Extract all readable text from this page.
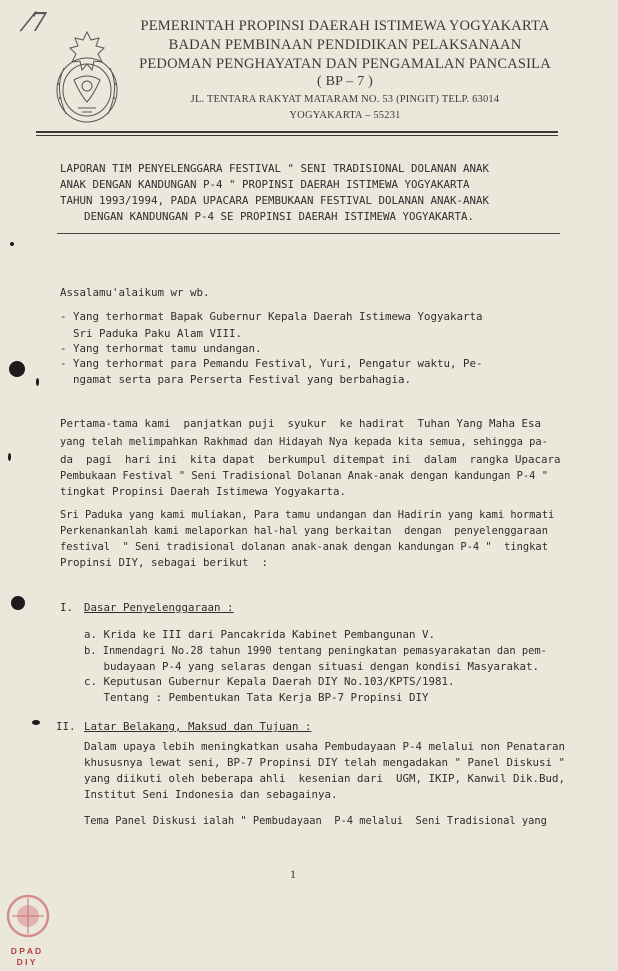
⁄7	PEMERINTAH PROPINSI DAERAH ISTIMEWA YOGYAKARTA
BADAN PEMBINAAN PENDIDIKAN PELAKSANAAN
PEDOMAN PENGHAYATAN DAN PENGAMALAN PANCASILA
( BP – 7 )
JL. TENTARA RAKYAT MATARAM NO. 53 (PINGIT) TELP. 63014
YOGYAKARTA – 55231
LAPORAN TIM PENYELENGGARA FESTIVAL " SENI TRADISIONAL DOLANAN ANAK
ANAK DENGAN KANDUNGAN P-4 " PROPINSI DAERAH ISTIMEWA YOGYAKARTA
TAHUN 1993/1994, PADA UPACARA PEMBUKAAN FESTIVAL DOLANAN ANAK-ANAK
DENGAN KANDUNGAN P-4 SE PROPINSI DAERAH ISTIMEWA YOGYAKARTA.
Assalamu'alaikum wr wb.
- Yang terhormat Bapak Gubernur Kepala Daerah Istimewa Yogyakarta
Sri Paduka Paku Alam VIII.
- Yang terhormat tamu undangan.
- Yang terhormat para Pemandu Festival, Yuri, Pengatur waktu, Pe-
ngamat serta para Perserta Festival yang berbahagia.
Pertama-tama kami  panjatkan puji  syukur  ke hadirat  Tuhan Yang Maha Esa
yang telah melimpahkan Rakhmad dan Hidayah Nya kepada kita semua, sehingga pa-
da  pagi  hari ini  kita dapat  berkumpul ditempat ini  dalam  rangka Upacara
Pembukaan Festival " Seni Tradisional Dolanan Anak-anak dengan kandungan P-4 "
tingkat Propinsi Daerah Istimewa Yogyakarta.
Sri Paduka yang kami muliakan, Para tamu undangan dan Hadirin yang kami hormati
Perkenankanlah kami melaporkan hal-hal yang berkaitan  dengan  penyelenggaraan
festival  " Seni tradisional dolanan anak-anak dengan kandungan P-4 "  tingkat
Propinsi DIY, sebagai berikut  :
I. Dasar Penyelenggaraan :
a. Krida ke III dari Pancakrida Kabinet Pembangunan V.
b. Inmendagri No.28 tahun 1990 tentang peningkatan pemasyarakatan dan pem-
budayaan P-4 yang selaras dengan situasi dengan kondisi Masyarakat.
c. Keputusan Gubernur Kepala Daerah DIY No.103/KPTS/1981.
Tentang : Pembentukan Tata Kerja BP-7 Propinsi DIY
II. Latar Belakang, Maksud dan Tujuan :
Dalam upaya lebih meningkatkan usaha Pembudayaan P-4 melalui non Penataran
khususnya lewat seni, BP-7 Propinsi DIY telah mengadakan " Panel Diskusi "
yang diikuti oleh beberapa ahli  kesenian dari  UGM, IKIP, Kanwil Dik.Bud,
Institut Seni Indonesia dan sebagainya.
Tema Panel Diskusi ialah " Pembudayaan  P-4 melalui  Seni Tradisional yang
1
D P A D
D I Y
